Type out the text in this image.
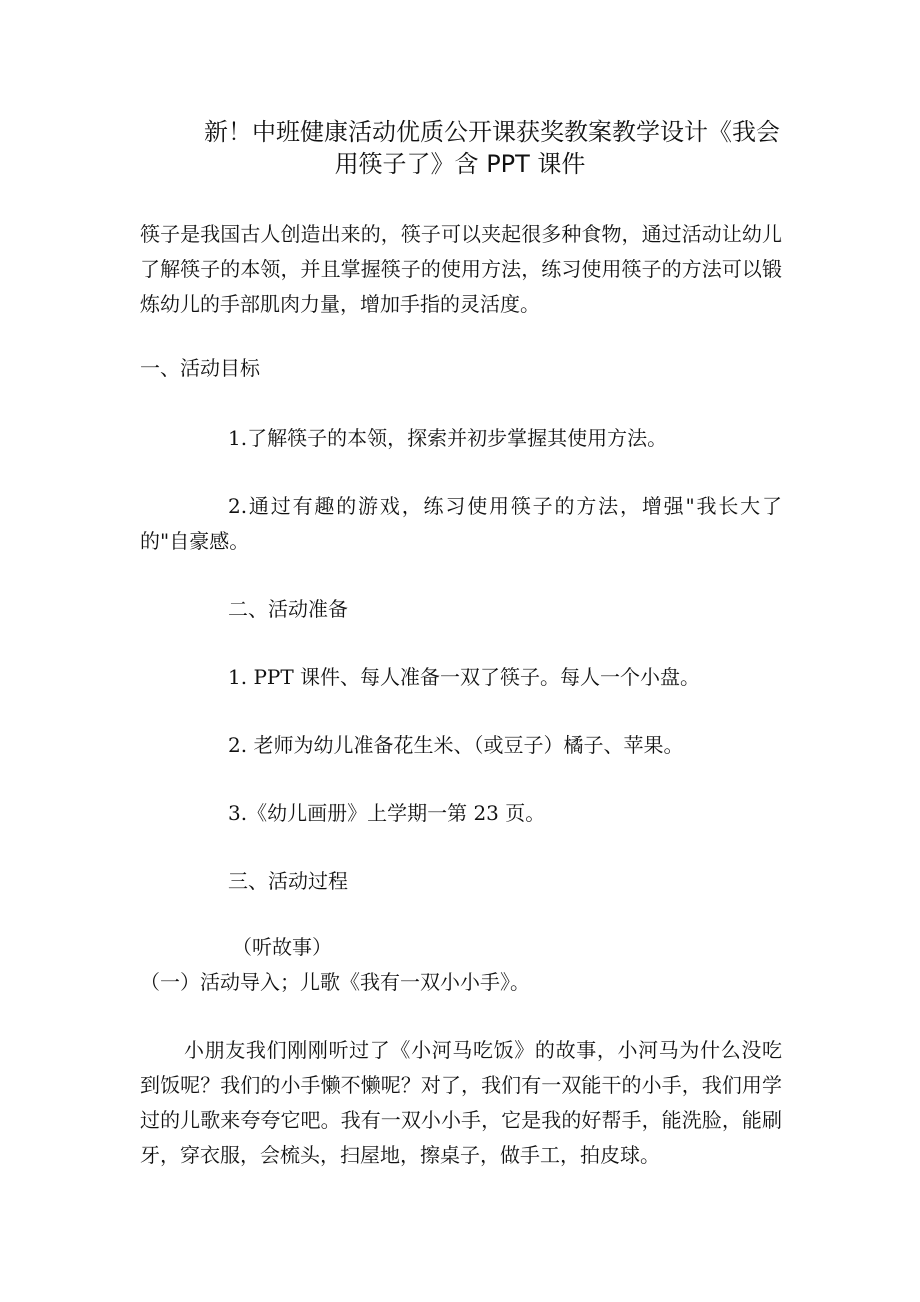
新！中班健康活动优质公开课获奖教案教学设计《我会
用筷子了》含 PPT 课件

筷子是我国古人创造出来的，筷子可以夹起很多种食物，通过活动让幼儿了解筷子的本领，并且掌握筷子的使用方法，练习使用筷子的方法可以锻炼幼儿的手部肌肉力量，增加手指的灵活度。

一、活动目标

1.了解筷子的本领，探索并初步掌握其使用方法。

2.通过有趣的游戏，练习使用筷子的方法，增强"我长大了的"自豪感。

二、活动准备

1. PPT 课件、每人准备一双了筷子。每人一个小盘。

2. 老师为幼儿准备花生米、（或豆子）橘子、苹果。

3.《幼儿画册》上学期一第 23 页。

三、活动过程

（听故事）

（一）活动导入；儿歌《我有一双小小手》。

小朋友我们刚刚听过了《小河马吃饭》的故事，小河马为什么没吃到饭呢？我们的小手懒不懒呢？对了，我们有一双能干的小手，我们用学过的儿歌来夸夸它吧。我有一双小小手，它是我的好帮手，能洗脸，能刷牙，穿衣服，会梳头，扫屋地，擦桌子，做手工，拍皮球。
